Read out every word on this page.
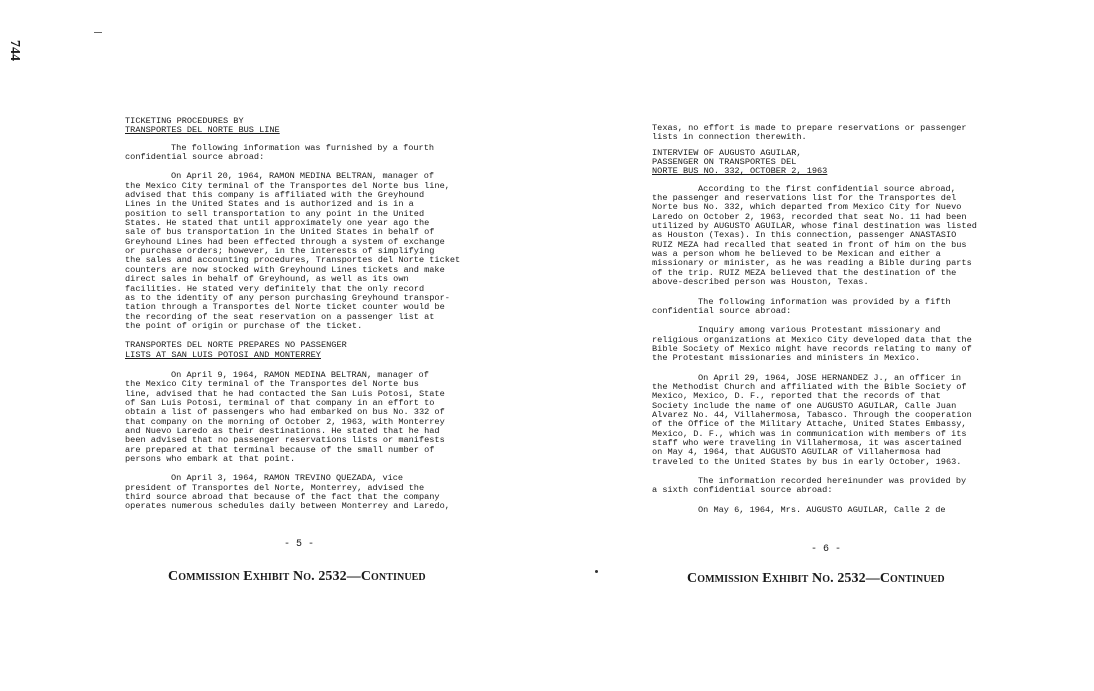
744
TICKETING PROCEDURES BY
TRANSPORTES DEL NORTE BUS LINE
The following information was furnished by a fourth
confidential source abroad:
On April 20, 1964, RAMON MEDINA BELTRAN, manager of
the Mexico City terminal of the Transportes del Norte bus line,
advised that this company is affiliated with the Greyhound
Lines in the United States and is authorized and is in a
position to sell transportation to any point in the United
States. He stated that until approximately one year ago the
sale of bus transportation in the United States in behalf of
Greyhound Lines had been effected through a system of exchange
or purchase orders; however, in the interests of simplifying
the sales and accounting procedures, Transportes del Norte ticket
counters are now stocked with Greyhound Lines tickets and make
direct sales in behalf of Greyhound, as well as its own
facilities. He stated very definitely that the only record
as to the identity of any person purchasing Greyhound transpor-
tation through a Transportes del Norte ticket counter would be
the recording of the seat reservation on a passenger list at
the point of origin or purchase of the ticket.
TRANSPORTES DEL NORTE PREPARES NO PASSENGER
LISTS AT SAN LUIS POTOSI AND MONTERREY
On April 9, 1964, RAMON MEDINA BELTRAN, manager of
the Mexico City terminal of the Transportes del Norte bus
line, advised that he had contacted the San Luis Potosi, State
of San Luis Potosi, terminal of that company in an effort to
obtain a list of passengers who had embarked on bus No. 332 of
that company on the morning of October 2, 1963, with Monterrey
and Nuevo Laredo as their destinations. He stated that he had
been advised that no passenger reservations lists or manifests
are prepared at that terminal because of the small number of
persons who embark at that point.
On April 3, 1964, RAMON TREVINO QUEZADA, vice
president of Transportes del Norte, Monterrey, advised the
third source abroad that because of the fact that the company
operates numerous schedules daily between Monterrey and Laredo,
- 5 -
Commission Exhibit No. 2532—Continued
Texas, no effort is made to prepare reservations or passenger
lists in connection therewith.
INTERVIEW OF AUGUSTO AGUILAR,
PASSENGER ON TRANSPORTES DEL
NORTE BUS NO. 332, OCTOBER 2, 1963
According to the first confidential source abroad,
the passenger and reservations list for the Transportes del
Norte bus No. 332, which departed from Mexico City for Nuevo
Laredo on October 2, 1963, recorded that seat No. 11 had been
utilized by AUGUSTO AGUILAR, whose final destination was listed
as Houston (Texas). In this connection, passenger ANASTASIO
RUIZ MEZA had recalled that seated in front of him on the bus
was a person whom he believed to be Mexican and either a
missionary or minister, as he was reading a Bible during parts
of the trip. RUIZ MEZA believed that the destination of the
above-described person was Houston, Texas.
The following information was provided by a fifth
confidential source abroad:
Inquiry among various Protestant missionary and
religious organizations at Mexico City developed data that the
Bible Society of Mexico might have records relating to many of
the Protestant missionaries and ministers in Mexico.
On April 29, 1964, JOSE HERNANDEZ J., an officer in
the Methodist Church and affiliated with the Bible Society of
Mexico, Mexico, D. F., reported that the records of that
Society include the name of one AUGUSTO AGUILAR, Calle Juan
Alvarez No. 44, Villahermosa, Tabasco. Through the cooperation
of the Office of the Military Attache, United States Embassy,
Mexico, D. F., which was in communication with members of its
staff who were traveling in Villahermosa, it was ascertained
on May 4, 1964, that AUGUSTO AGUILAR of Villahermosa had
traveled to the United States by bus in early October, 1963.
The information recorded hereinunder was provided by
a sixth confidential source abroad:
On May 6, 1964, Mrs. AUGUSTO AGUILAR, Calle 2 de
- 6 -
Commission Exhibit No. 2532—Continued
